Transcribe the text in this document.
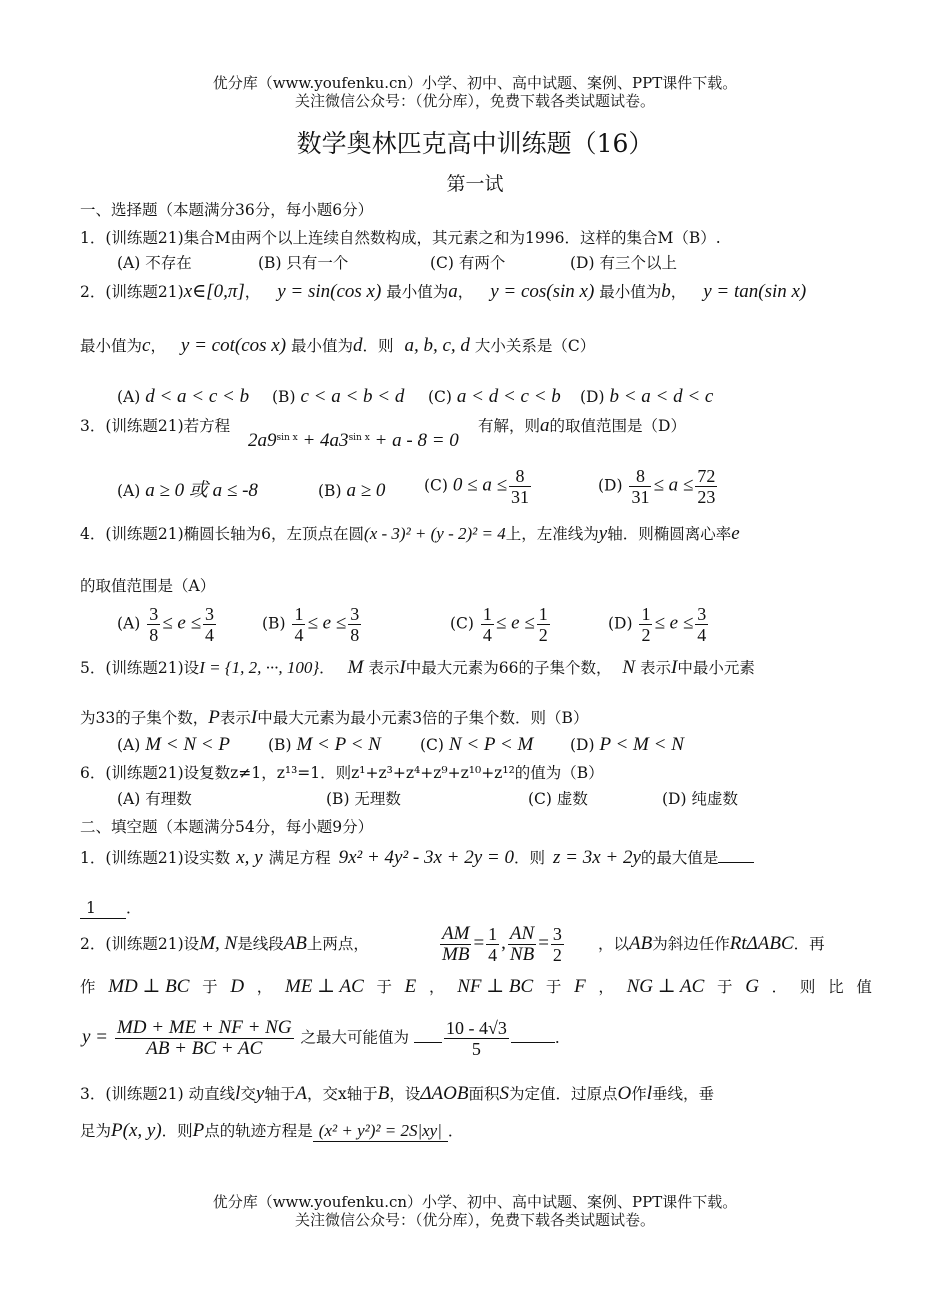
优分库（www.youfenku.cn）小学、初中、高中试题、案例、PPT课件下载。
关注微信公众号：（优分库），免费下载各类试题试卷。
数学奥林匹克高中训练题（16）
第一试
一、选择题（本题满分36分，每小题6分）
1．(训练题21)集合M由两个以上连续自然数构成，其元素之和为1996．这样的集合M（B）.
(A) 不存在	(B) 只有一个	(C) 有两个	(D) 有三个以上
2．(训练题21)x∈[0,π]， y = sin(cos x) 最小值为a， y = cos(sin x) 最小值为b， y = tan(sin x)
最小值为c， y = cot(cos x) 最小值为d．则 a, b, c, d 大小关系是（C）
(A) d < a < c < b (B) c < a < b < d (C) a < d < c < b (D) b < a < d < c
3．(训练题21)若方程
$2a9^{sin x} + 4a3^{sin x} + a - 8 = 0$
有解，则a的取值范围是（D）
(A) a ≥ 0 或 a ≤ -8	(B) a ≥ 0 (C) $0 \le a \le \frac{8}{31}$	$(D) \frac{8}{31} \le a \le \frac{72}{23}$
4．(训练题21)椭圆长轴为6，左顶点在圆(x - 3)² + (y - 2)² = 4上，左准线为y轴．则椭圆离心率e
的取值范围是（A）
$(A) \frac{3}{8} \le e \le \frac{3}{4}$	$(B) \frac{1}{4} \le e \le \frac{3}{8}$	$(C) \frac{1}{4} \le e \le \frac{1}{2}$	$(D) \frac{1}{2} \le e \le \frac{3}{4}$
5．(训练题21)设I = {1, 2, ···, 100}． M 表示I中最大元素为66的子集个数， N 表示I中最小元素
为33的子集个数，P表示I中最大元素为最小元素3倍的子集个数．则（B）
(A) M < N < P (B) M < P < N	(C) N < P < M (D) P < M < N
6．(训练题21)设复数z≠1，z¹³=1．则z¹+z³+z⁴+z⁹+z¹⁰+z¹²的值为（B）
(A) 有理数	(B) 无理数	(C) 虚数	(D) 纯虚数
二、填空题（本题满分54分，每小题9分）
1．(训练题21)设实数 x, y 满足方程 9x² + 4y² - 3x + 2y = 0．则 z = 3x + 2y的最大值是
1 ．
2．(训练题21)设M, N是线段AB上两点，	$\frac{AM}{MB} = \frac{1}{4}$ , $\frac{AN}{NB} = \frac{3}{2}$ ，以AB为斜边任作RtΔABC．再
作 MD ⊥ BC 于 D ， ME ⊥ AC 于 E ， NF ⊥ BC 于 F ， NG ⊥ AC 于 G ． 则 比 值
$y = \frac{MD + ME + NF + NG}{AB + BC + AC}$ 之最大可能值为 $\frac{10 - 4√3}{5}$	．
3．(训练题21) 动直线l交y轴于A，交x轴于B，设ΔAOB面积S为定值．过原点O作l垂线，垂
足为P(x, y)．则P点的轨迹方程是 (x² + y²)² = 2S|xy| ．
优分库（www.youfenku.cn）小学、初中、高中试题、案例、PPT课件下载。
关注微信公众号：（优分库），免费下载各类试题试卷。
